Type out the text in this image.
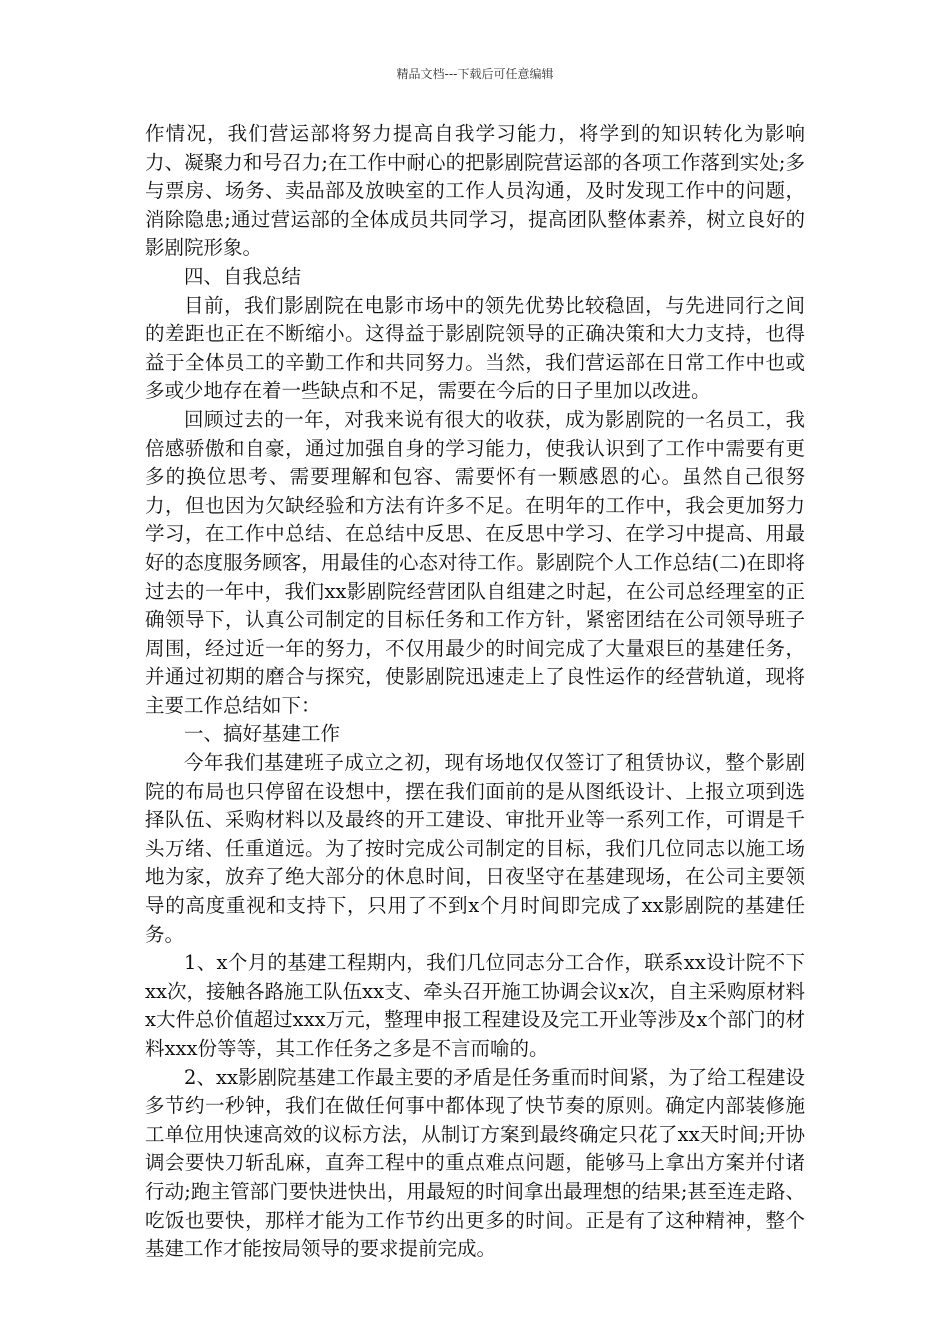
精品文档---下载后可任意编辑

作情况，我们营运部将努力提高自我学习能力，将学到的知识转化为影响力、凝聚力和号召力;在工作中耐心的把影剧院营运部的各项工作落到实处;多与票房、场务、卖品部及放映室的工作人员沟通，及时发现工作中的问题，消除隐患;通过营运部的全体成员共同学习，提高团队整体素养，树立良好的影剧院形象。

四、自我总结

目前，我们影剧院在电影市场中的领先优势比较稳固，与先进同行之间的差距也正在不断缩小。这得益于影剧院领导的正确决策和大力支持，也得益于全体员工的辛勤工作和共同努力。当然，我们营运部在日常工作中也或多或少地存在着一些缺点和不足，需要在今后的日子里加以改进。

回顾过去的一年，对我来说有很大的收获，成为影剧院的一名员工，我倍感骄傲和自豪，通过加强自身的学习能力，使我认识到了工作中需要有更多的换位思考、需要理解和包容、需要怀有一颗感恩的心。虽然自己很努力，但也因为欠缺经验和方法有许多不足。在明年的工作中，我会更加努力学习，在工作中总结、在总结中反思、在反思中学习、在学习中提高、用最好的态度服务顾客，用最佳的心态对待工作。影剧院个人工作总结(二)在即将过去的一年中，我们xx影剧院经营团队自组建之时起，在公司总经理室的正确领导下，认真公司制定的目标任务和工作方针，紧密团结在公司领导班子周围，经过近一年的努力，不仅用最少的时间完成了大量艰巨的基建任务，并通过初期的磨合与探究，使影剧院迅速走上了良性运作的经营轨道，现将主要工作总结如下：

一、搞好基建工作

今年我们基建班子成立之初，现有场地仅仅签订了租赁协议，整个影剧院的布局也只停留在设想中，摆在我们面前的是从图纸设计、上报立项到选择队伍、采购材料以及最终的开工建设、审批开业等一系列工作，可谓是千头万绪、任重道远。为了按时完成公司制定的目标，我们几位同志以施工场地为家，放弃了绝大部分的休息时间，日夜坚守在基建现场，在公司主要领导的高度重视和支持下，只用了不到x个月时间即完成了xx影剧院的基建任务。

1、x个月的基建工程期内，我们几位同志分工合作，联系xx设计院不下xx次，接触各路施工队伍xx支、牵头召开施工协调会议x次，自主采购原材料x大件总价值超过xxx万元，整理申报工程建设及完工开业等涉及x个部门的材料xxx份等等，其工作任务之多是不言而喻的。

2、xx影剧院基建工作最主要的矛盾是任务重而时间紧，为了给工程建设多节约一秒钟，我们在做任何事中都体现了快节奏的原则。确定内部装修施工单位用快速高效的议标方法，从制订方案到最终确定只花了xx天时间;开协调会要快刀斩乱麻，直奔工程中的重点难点问题，能够马上拿出方案并付诸行动;跑主管部门要快进快出，用最短的时间拿出最理想的结果;甚至连走路、吃饭也要快，那样才能为工作节约出更多的时间。正是有了这种精神，整个基建工作才能按局领导的要求提前完成。
